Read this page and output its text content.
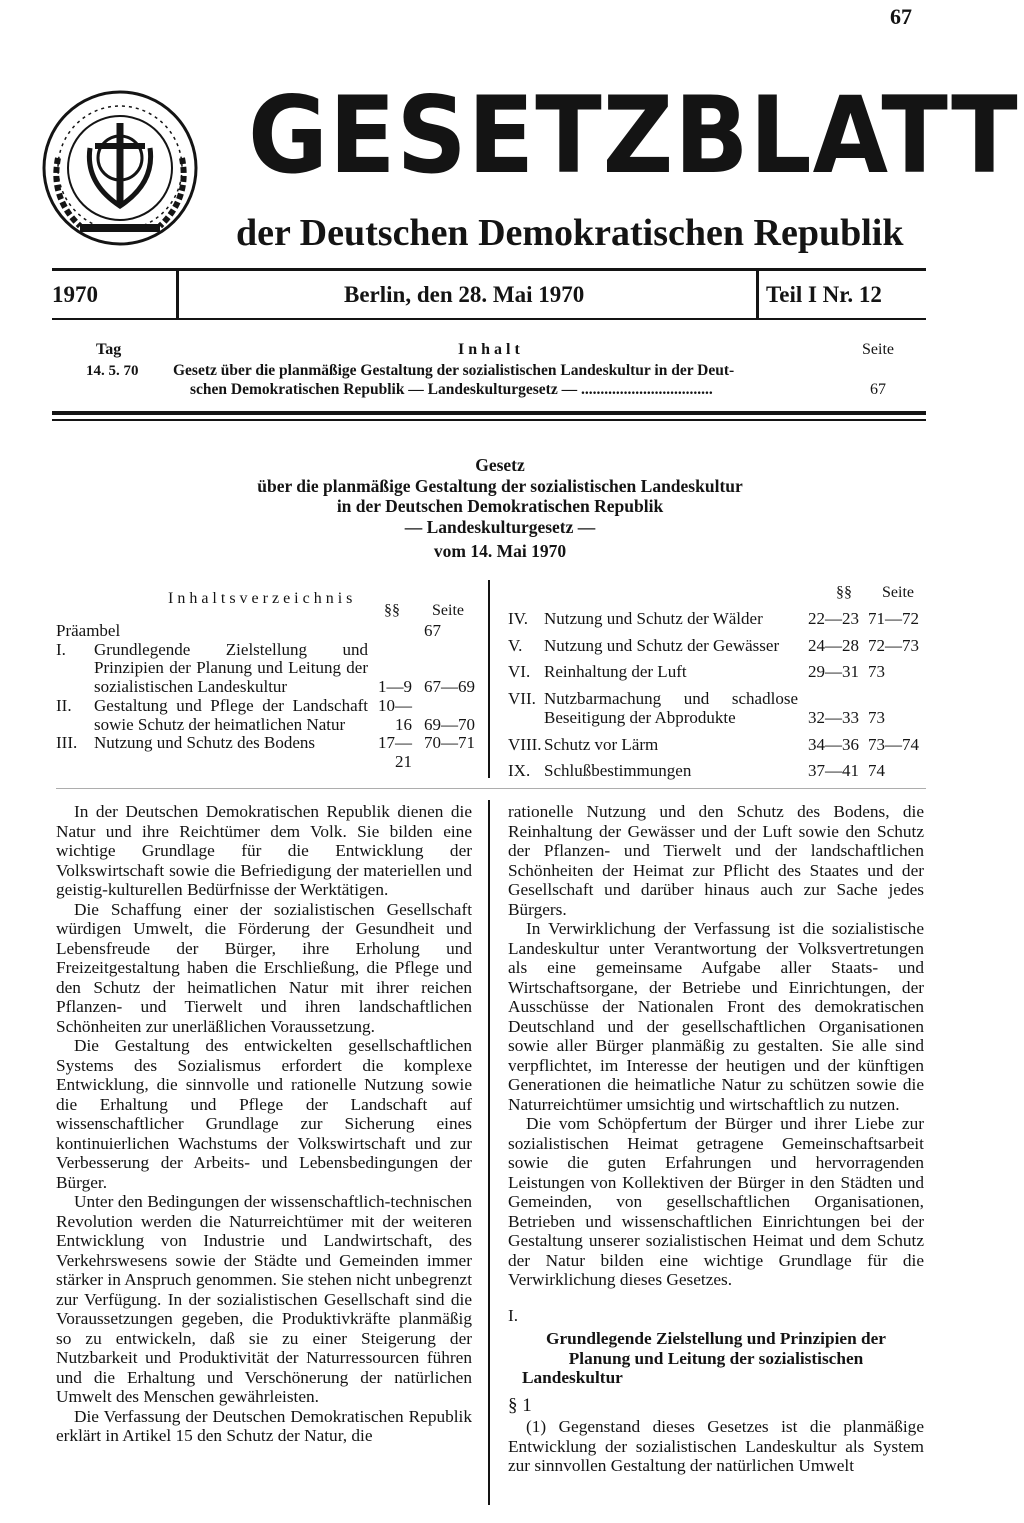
67
GESETZBLATT
der Deutschen Demokratischen Republik
1970	Berlin, den 28. Mai 1970	Teil I Nr. 12
Tag	Inhalt	Seite
14. 5. 70 Gesetz über die planmäßige Gestaltung der sozialistischen Landeskultur in der Deut-
schen Demokratischen Republik — Landeskulturgesetz — ..................................	67
Gesetz
über die planmäßige Gestaltung der sozialistischen Landeskultur
in der Deutschen Demokratischen Republik
— Landeskulturgesetz —
vom 14. Mai 1970
Inhaltsverzeichnis
§§ Seite
Präambel			67
I.	Grundlegende Zielstellung und Prinzipien der Planung und Leitung der sozialistischen Landeskultur	1—9	67—69
II.	Gestaltung und Pflege der Landschaft sowie Schutz der heimatlichen Natur	10—16	69—70
III.	Nutzung und Schutz des Bodens	17—21	70—71
§§ Seite
IV.	Nutzung und Schutz der Wälder	22—23	71—72
V.	Nutzung und Schutz der Gewässer	24—28	72—73
VI.	Reinhaltung der Luft	29—31	73
VII.	Nutzbarmachung und schadlose Beseitigung der Abprodukte	32—33	73
VIII.	Schutz vor Lärm	34—36	73—74
IX.	Schlußbestimmungen	37—41	74

In der Deutschen Demokratischen Republik dienen die Natur und ihre Reichtümer dem Volk. Sie bilden eine wichtige Grundlage für die Entwicklung der Volkswirtschaft sowie die Befriedigung der materiellen und geistig-kulturellen Bedürfnisse der Werktätigen.

Die Schaffung einer der sozialistischen Gesellschaft würdigen Umwelt, die Förderung der Gesundheit und Lebensfreude der Bürger, ihre Erholung und Freizeitgestaltung haben die Erschließung, die Pflege und den Schutz der heimatlichen Natur mit ihrer reichen Pflanzen- und Tierwelt und ihren landschaftlichen Schönheiten zur unerläßlichen Voraussetzung.

Die Gestaltung des entwickelten gesellschaftlichen Systems des Sozialismus erfordert die komplexe Entwicklung, die sinnvolle und rationelle Nutzung sowie die Erhaltung und Pflege der Landschaft auf wissenschaftlicher Grundlage zur Sicherung eines kontinuierlichen Wachstums der Volkswirtschaft und zur Verbesserung der Arbeits- und Lebensbedingungen der Bürger.

Unter den Bedingungen der wissenschaftlich-technischen Revolution werden die Naturreichtümer mit der weiteren Entwicklung von Industrie und Landwirtschaft, des Verkehrswesens sowie der Städte und Gemeinden immer stärker in Anspruch genommen. Sie stehen nicht unbegrenzt zur Verfügung. In der sozialistischen Gesellschaft sind die Voraussetzungen gegeben, die Produktivkräfte planmäßig so zu entwickeln, daß sie zu einer Steigerung der Nutzbarkeit und Produktivität der Naturressourcen führen und die Erhaltung und Verschönerung der natürlichen Umwelt des Menschen gewährleisten.

Die Verfassung der Deutschen Demokratischen Republik erklärt in Artikel 15 den Schutz der Natur, die

rationelle Nutzung und den Schutz des Bodens, die Reinhaltung der Gewässer und der Luft sowie den Schutz der Pflanzen- und Tierwelt und der landschaftlichen Schönheiten der Heimat zur Pflicht des Staates und der Gesellschaft und darüber hinaus auch zur Sache jedes Bürgers.

In Verwirklichung der Verfassung ist die sozialistische Landeskultur unter Verantwortung der Volksvertretungen als eine gemeinsame Aufgabe aller Staats- und Wirtschaftsorgane, der Betriebe und Einrichtungen, der Ausschüsse der Nationalen Front des demokratischen Deutschland und der gesellschaftlichen Organisationen sowie aller Bürger planmäßig zu gestalten. Sie alle sind verpflichtet, im Interesse der heutigen und der künftigen Generationen die heimatliche Natur zu schützen sowie die Naturreichtümer umsichtig und wirtschaftlich zu nutzen.

Die vom Schöpfertum der Bürger und ihrer Liebe zur sozialistischen Heimat getragene Gemeinschaftsarbeit sowie die guten Erfahrungen und hervorragenden Leistungen von Kollektiven der Bürger in den Städten und Gemeinden, von gesellschaftlichen Organisationen, Betrieben und wissenschaftlichen Einrichtungen bei der Gestaltung unserer sozialistischen Heimat und dem Schutz der Natur bilden eine wichtige Grundlage für die Verwirklichung dieses Gesetzes.

I.
Grundlegende Zielstellung und Prinzipien der Planung und Leitung der sozialistischen Landeskultur
§ 1

(1) Gegenstand dieses Gesetzes ist die planmäßige Entwicklung der sozialistischen Landeskultur als System zur sinnvollen Gestaltung der natürlichen Umwelt
